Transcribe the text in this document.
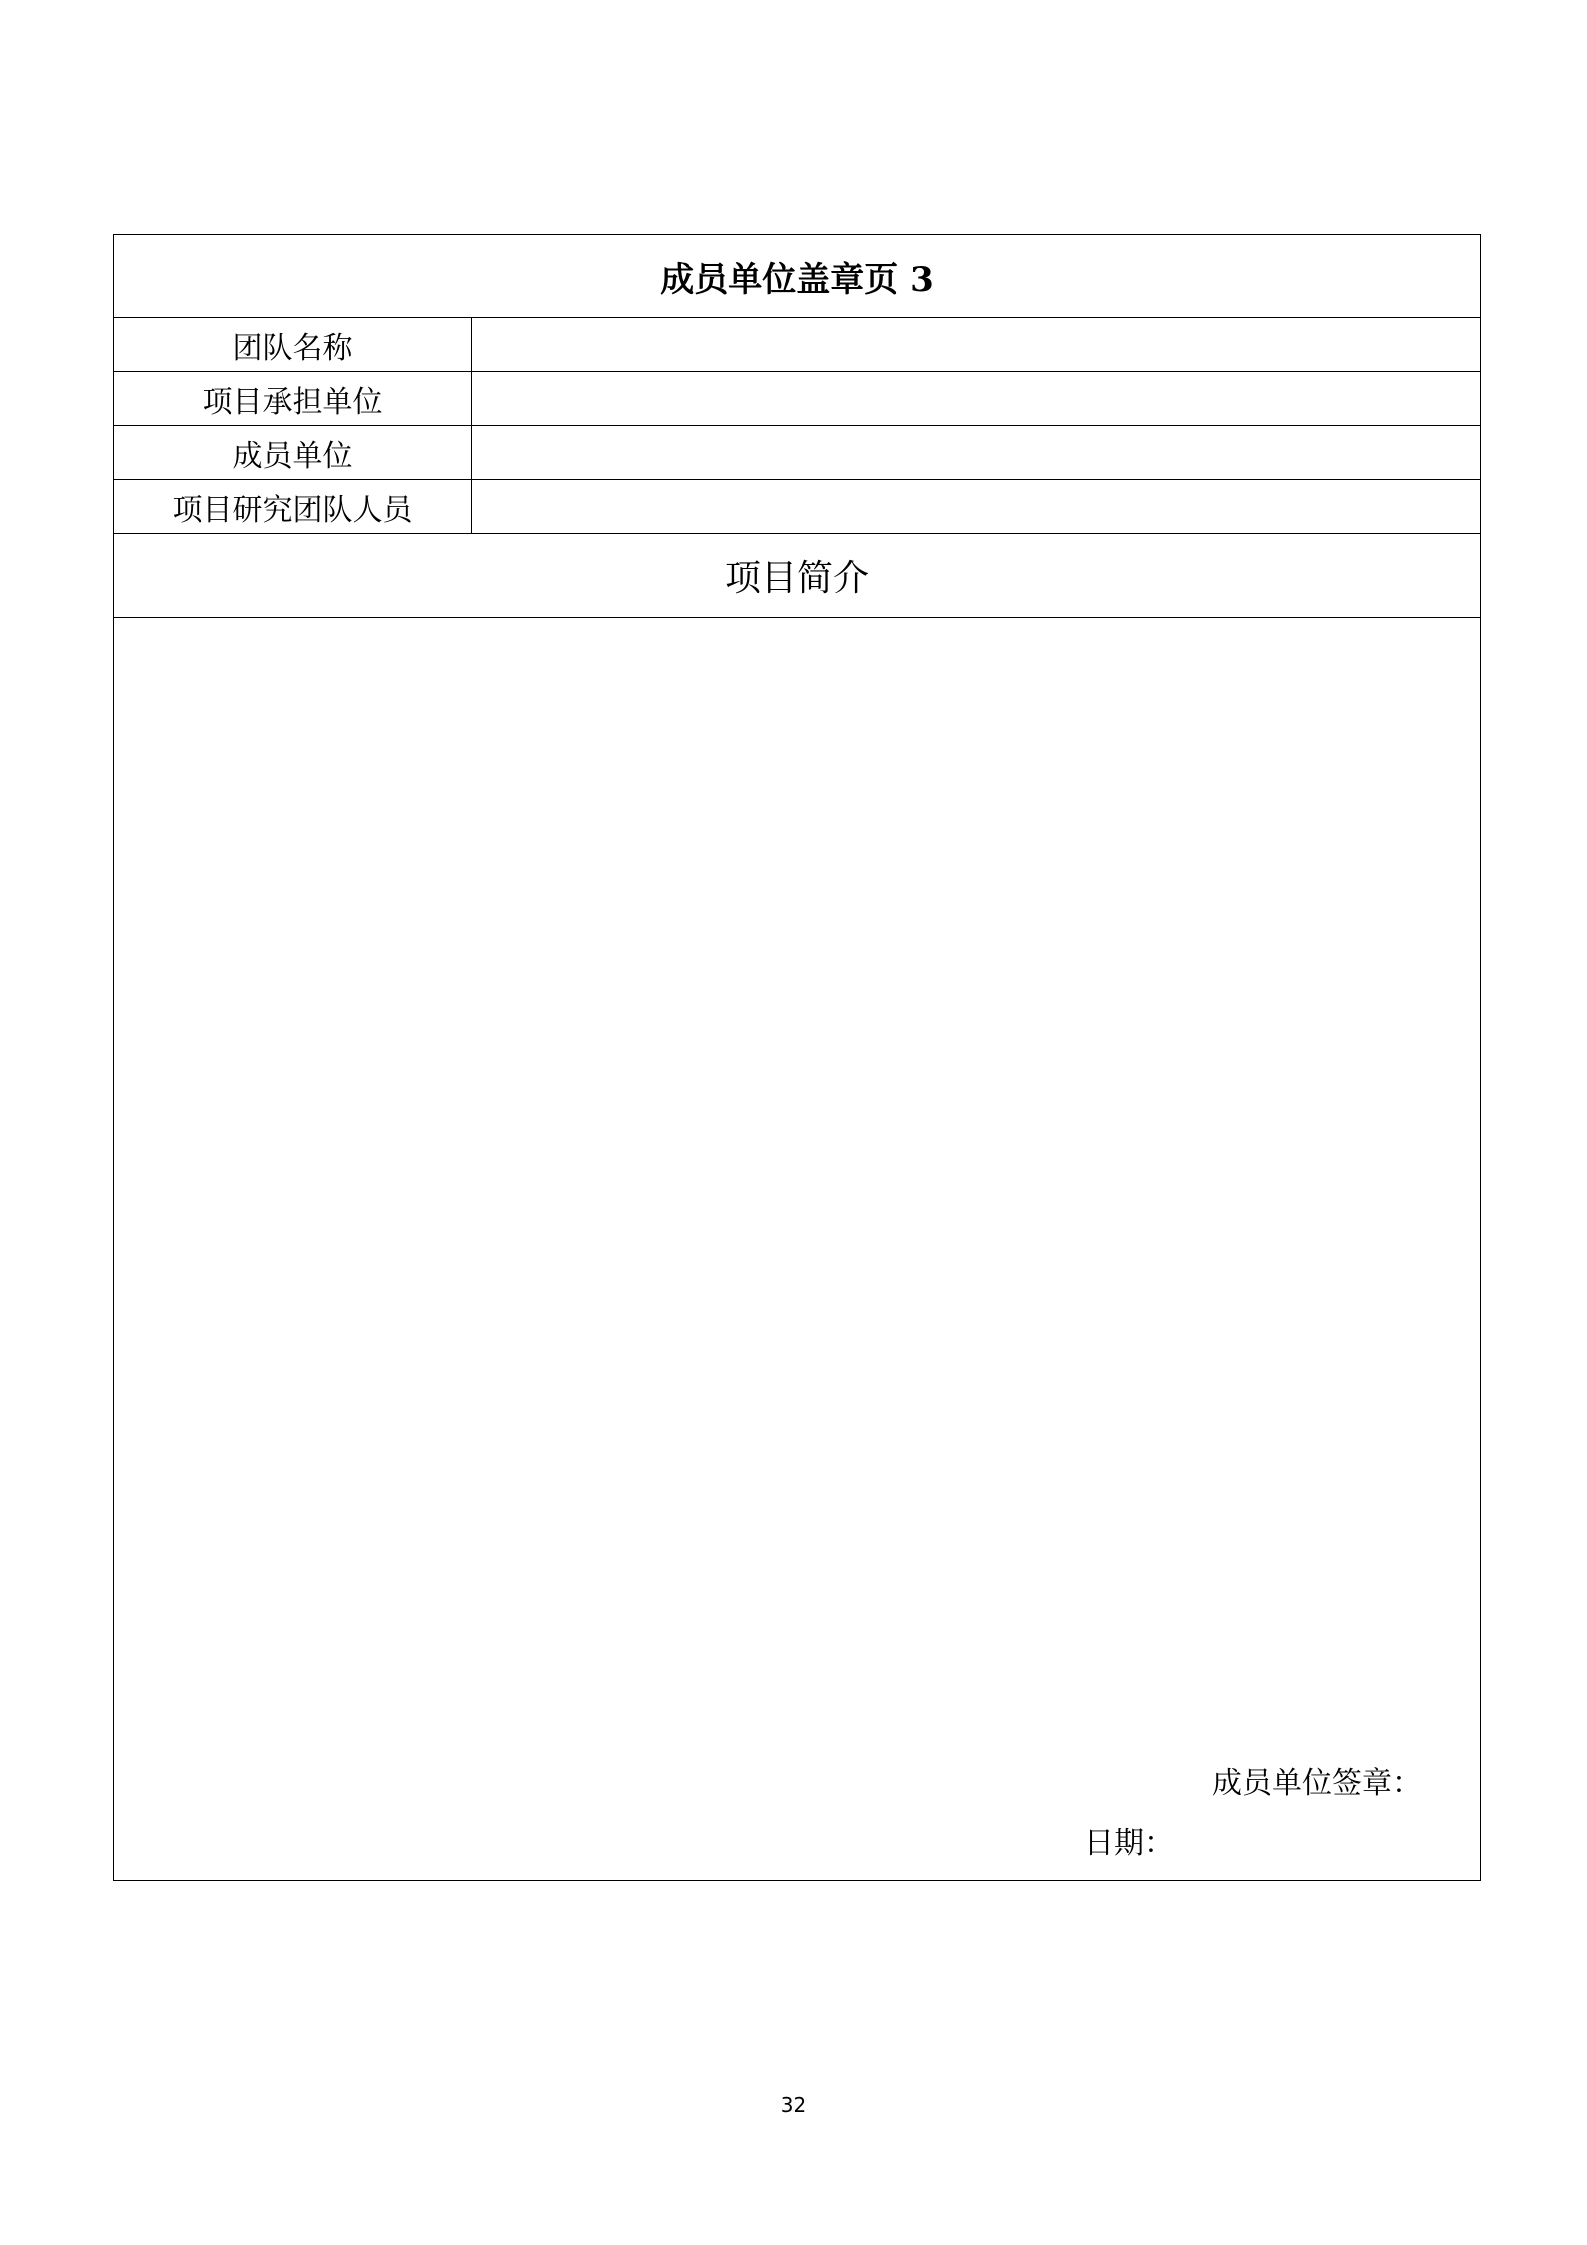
成员单位盖章页 3	
团队名称	
项目承担单位	
成员单位	
项目研究团队人员	
项目简介	

成员单位签章：
日期：	
32
